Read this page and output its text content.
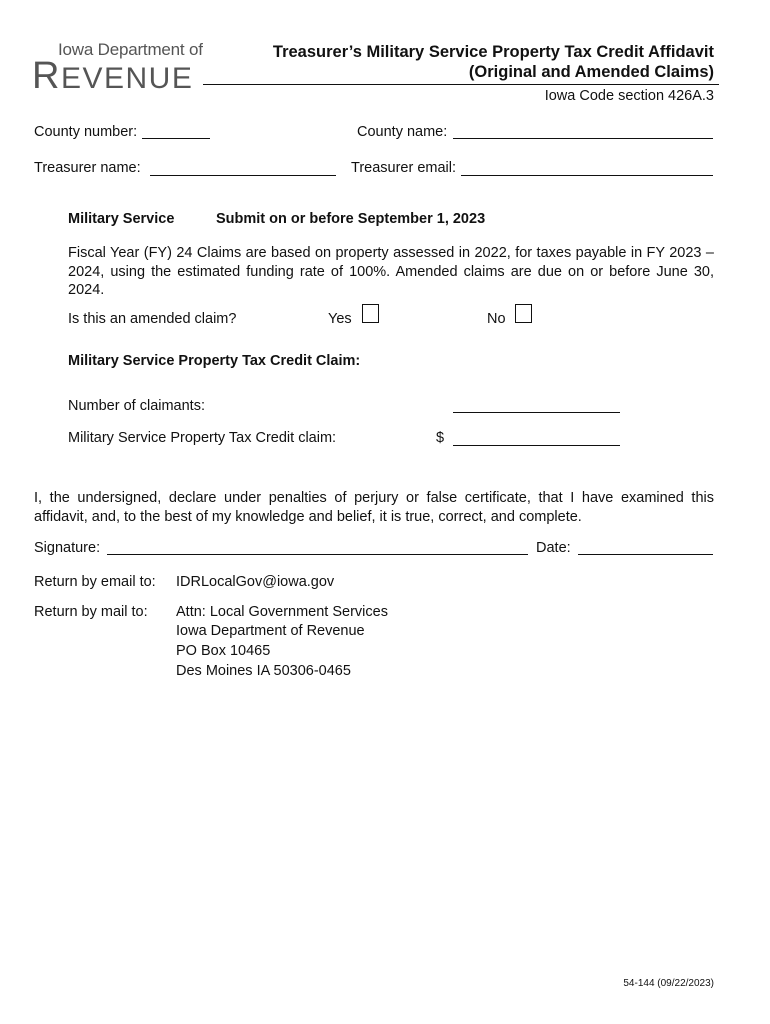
Iowa Department of
REVENUE
Treasurer’s Military Service Property Tax Credit Affidavit
(Original and Amended Claims)
Iowa Code section 426A.3
County number:	County name:
Treasurer name:	Treasurer email:
Military Service	Submit on or before September 1, 2023
Fiscal Year (FY) 24 Claims are based on property assessed in 2022, for taxes payable in FY 2023 – 2024, using the estimated funding rate of 100%. Amended claims are due on or before June 30, 2024.
Is this an amended claim?	Yes	No
Military Service Property Tax Credit Claim:
Number of claimants:
Military Service Property Tax Credit claim:	$
I, the undersigned, declare under penalties of perjury or false certificate, that I have examined this affidavit, and, to the best of my knowledge and belief, it is true, correct, and complete.
Signature:	Date:
Return by email to: IDRLocalGov@iowa.gov
Return by mail to: Attn: Local Government Services
Iowa Department of Revenue
PO Box 10465
Des Moines IA 50306-0465
54-144 (09/22/2023)
